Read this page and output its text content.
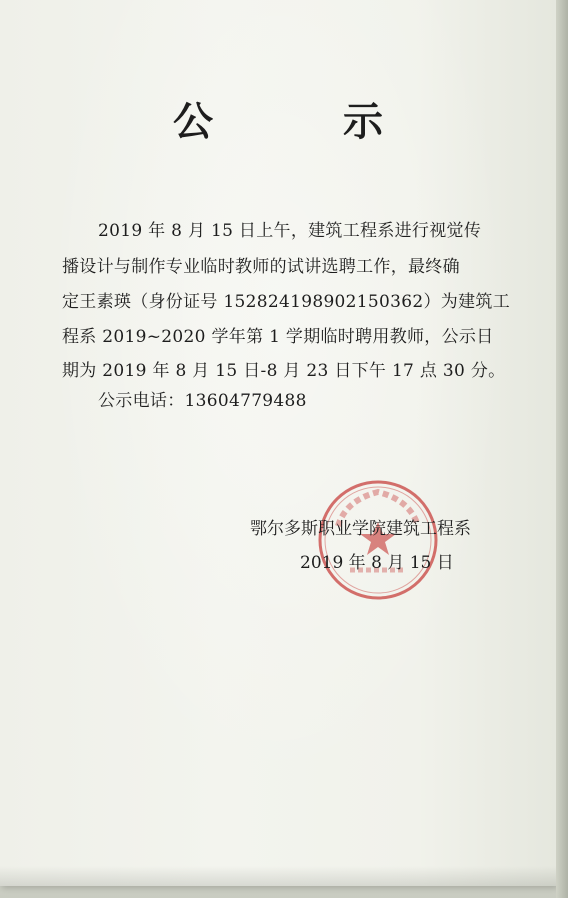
公 示
2019 年 8 月 15 日上午，建筑工程系进行视觉传
播设计与制作专业临时教师的试讲选聘工作，最终确
定王素瑛（身份证号 152824198902150362）为建筑工
程系 2019~2020 学年第 1 学期临时聘用教师，公示日
期为 2019 年 8 月 15 日-8 月 23 日下午 17 点 30 分。
公示电话：13604779488
鄂尔多斯职业学院建筑工程系
2019 年 8 月 15 日
